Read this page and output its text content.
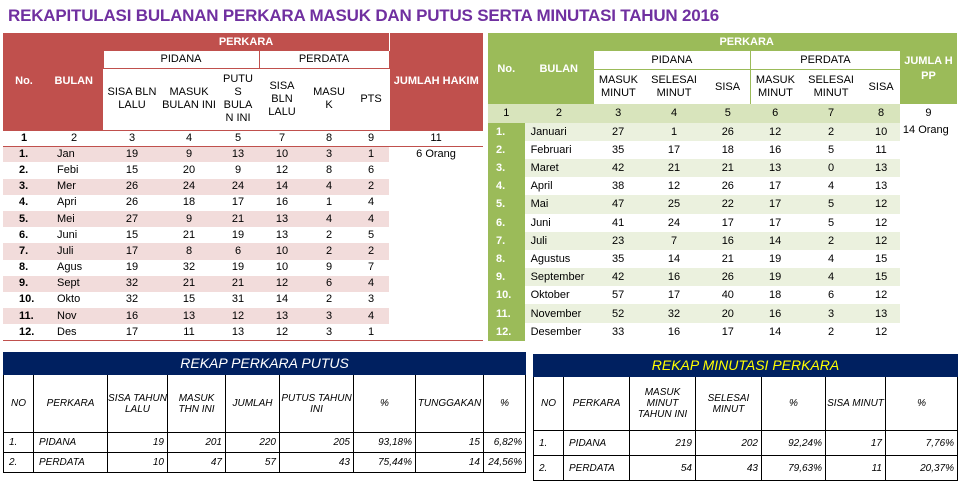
REKAPITULASI BULANAN PERKARA MASUK DAN PUTUS SERTA MINUTASI TAHUN 2016
No.	BULAN	PERKARA						JUMLAH HAKIM
		PIDANA			PERDATA			
		SISA BLN LALU	MASUK BULAN INI	PUTU S BULA N INI	SISA BLN LALU	MASU K	PTS	
1	2	3	4	5	7	8	9	11
1.	Jan	19	9	13	10	3	1	6 Orang
2.	Febi	15	20	9	12	8	6	
3.	Mer	26	24	24	14	4	2	
4.	Apri	26	18	17	16	1	4	
5.	Mei	27	9	21	13	4	4	
6.	Juni	15	21	19	13	2	5	
7.	Juli	17	8	6	10	2	2	
8.	Agus	19	32	19	10	9	7	
9.	Sept	32	21	21	12	6	4	
10.	Okto	32	15	31	14	2	3	
11.	Nov	16	13	12	13	3	4	
12.	Des	17	11	13	12	3	1	
No.	BULAN	PERKARA						JUMLA H PP
		PIDANA			PERDATA			
		MASUK MINUT	SELESAI MINUT	SISA	MASUK MINUT	SELESAI MINUT	SISA	
1	2	3	4	5	6	7	8	9
1.	Januari	27	1	26	12	2	10	14 Orang
2.	Februari	35	17	18	16	5	11	
3.	Maret	42	21	21	13	0	13	
4.	April	38	12	26	17	4	13	
5.	Mai	47	25	22	17	5	12	
6.	Juni	41	24	17	17	5	12	
7.	Juli	23	7	16	14	2	12	
8.	Agustus	35	14	21	19	4	15	
9.	September	42	16	26	19	4	15	
10.	Oktober	57	17	40	18	6	12	
11.	November	52	32	20	16	3	13	
12.	Desember	33	16	17	14	2	12	
REKAP PERKARA PUTUS								
NO	PERKARA	SISA TAHUN LALU	MASUK THN INI	JUMLAH	PUTUS TAHUN INI	%	TUNGGAKAN	%
1.	PIDANA	19	201	220	205	93,18%	15	6,82%
2.	PERDATA	10	47	57	43	75,44%	14	24,56%
REKAP MINUTASI PERKARA						
NO	PERKARA	MASUK MINUT TAHUN INI	SELESAI MINUT	%	SISA MINUT	%
1.	PIDANA	219	202	92,24%	17	7,76%
2.	PERDATA	54	43	79,63%	11	20,37%
